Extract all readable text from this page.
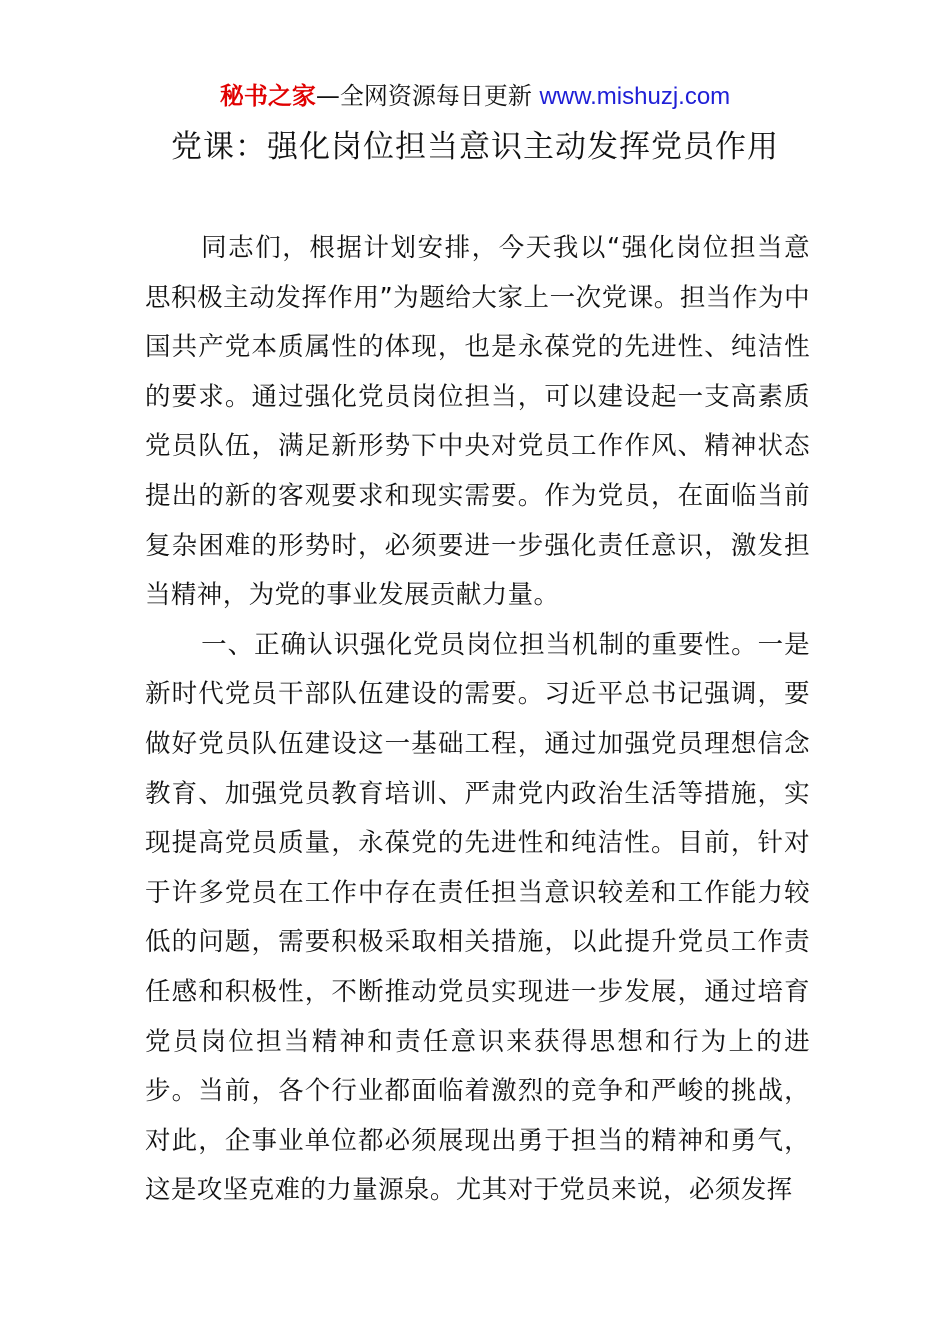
秘书之家—全网资源每日更新 www.mishuzj.com
党课：强化岗位担当意识主动发挥党员作用

同志们，根据计划安排，今天我以“强化岗位担当意思积极主动发挥作用”为题给大家上一次党课。担当作为中国共产党本质属性的体现，也是永葆党的先进性、纯洁性的要求。通过强化党员岗位担当，可以建设起一支高素质党员队伍，满足新形势下中央对党员工作作风、精神状态提出的新的客观要求和现实需要。作为党员，在面临当前复杂困难的形势时，必须要进一步强化责任意识，激发担当精神，为党的事业发展贡献力量。

一、正确认识强化党员岗位担当机制的重要性。一是新时代党员干部队伍建设的需要。习近平总书记强调，要做好党员队伍建设这一基础工程，通过加强党员理想信念教育、加强党员教育培训、严肃党内政治生活等措施，实现提高党员质量，永葆党的先进性和纯洁性。目前，针对于许多党员在工作中存在责任担当意识较差和工作能力较低的问题，需要积极采取相关措施，以此提升党员工作责任感和积极性，不断推动党员实现进一步发展，通过培育党员岗位担当精神和责任意识来获得思想和行为上的进步。当前，各个行业都面临着激烈的竞争和严峻的挑战，对此，企事业单位都必须展现出勇于担当的精神和勇气，这是攻坚克难的力量源泉。尤其对于党员来说，必须发挥
